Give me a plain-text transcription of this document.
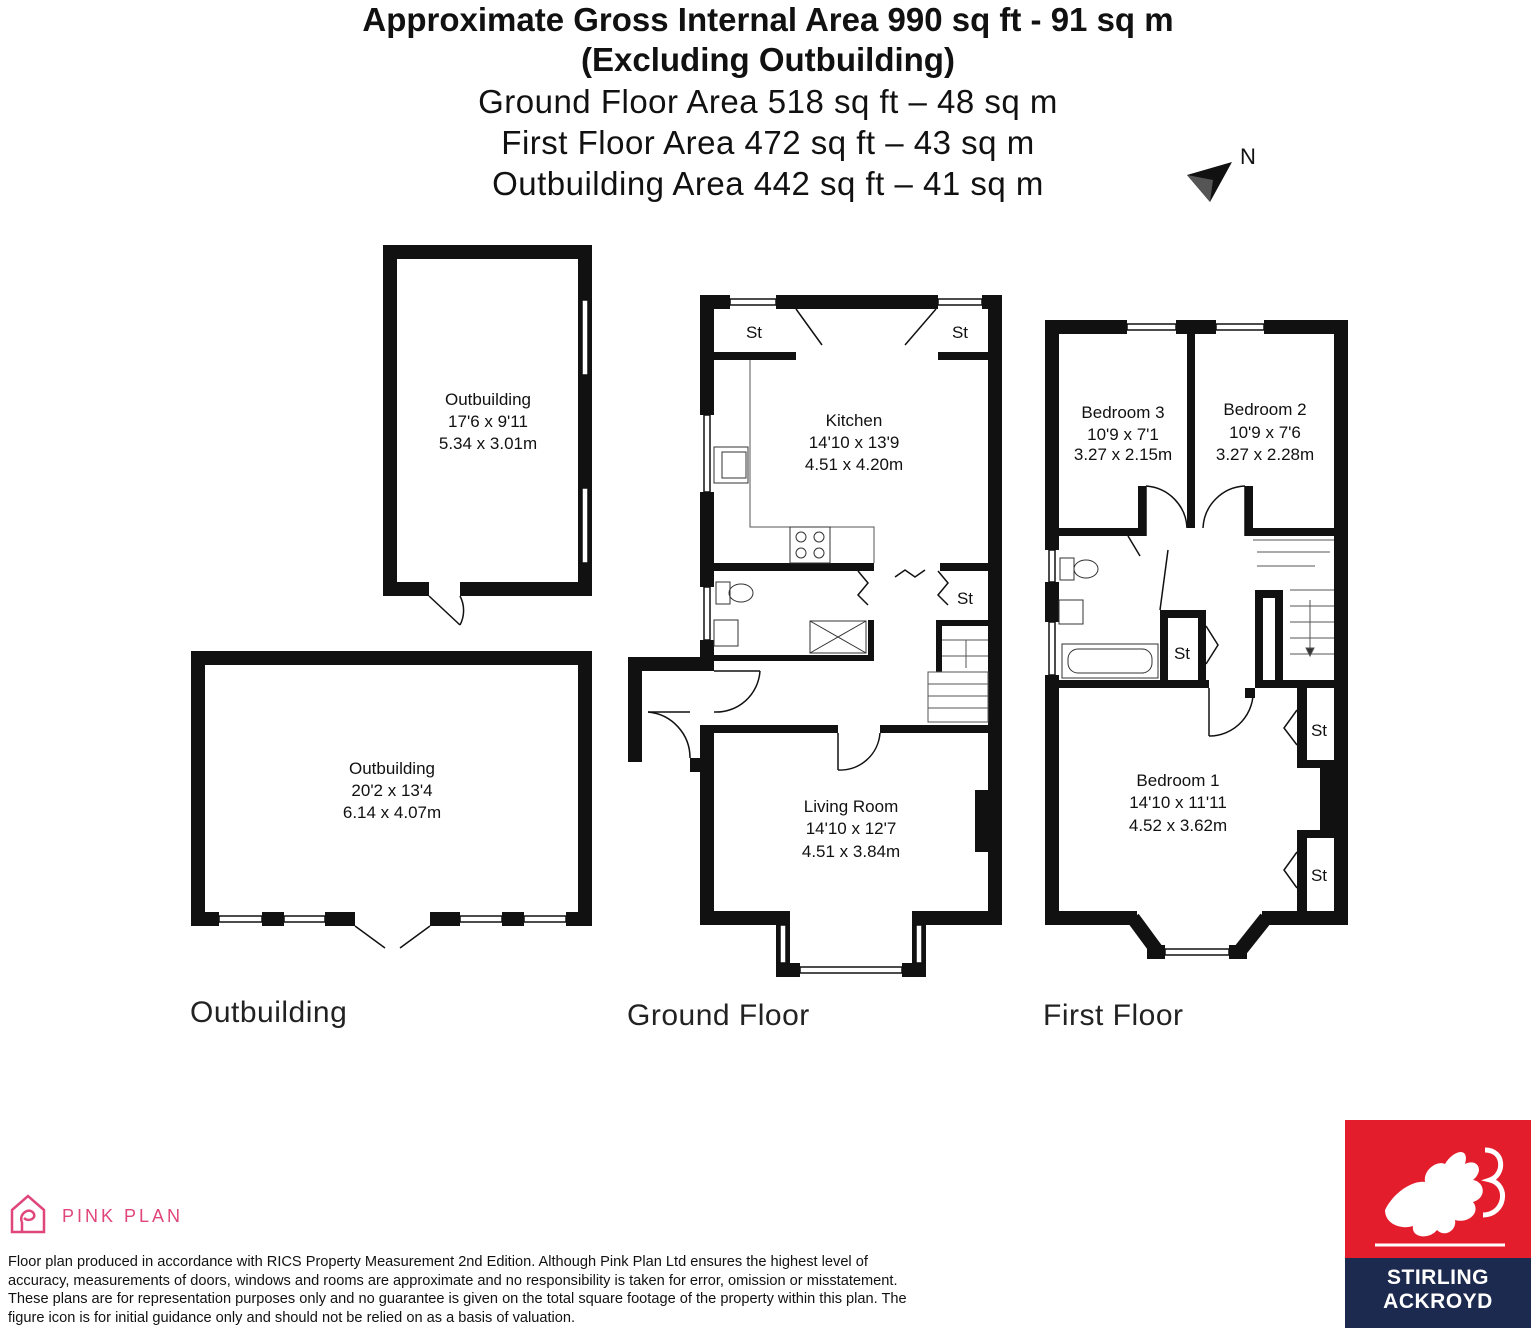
Approximate Gross Internal Area 990 sq ft - 91 sq m
(Excluding Outbuilding)
Ground Floor Area 518 sq ft – 48 sq m
First Floor Area 472 sq ft – 43 sq m
Outbuilding Area 442 sq ft – 41 sq m
N
Outbuilding
17'6 x 9'11
5.34 x 3.01m
Outbuilding
20'2 x 13'4
6.14 x 4.07m
Kitchen
14'10 x 13'9
4.51 x 4.20m
Living Room
14'10 x 12'7
4.51 x 3.84m
Bedroom 3
10'9 x 7'1
3.27 x 2.15m
Bedroom 2
10'9 x 7'6
3.27 x 2.28m
Bedroom 1
14'10 x 11'11
4.52 x 3.62m
St	St
St
St
St
St
Outbuilding	Ground Floor	First Floor
PINK PLAN
Floor plan produced in accordance with RICS Property Measurement 2nd Edition. Although Pink Plan Ltd ensures the highest level of accuracy, measurements of doors, windows and rooms are approximate and no responsibility is taken for error, omission or misstatement. These plans are for representation purposes only and no guarantee is given on the total square footage of the property within this plan. The figure icon is for initial guidance only and should not be relied on as a basis of valuation.
STIRLING
ACKROYD
